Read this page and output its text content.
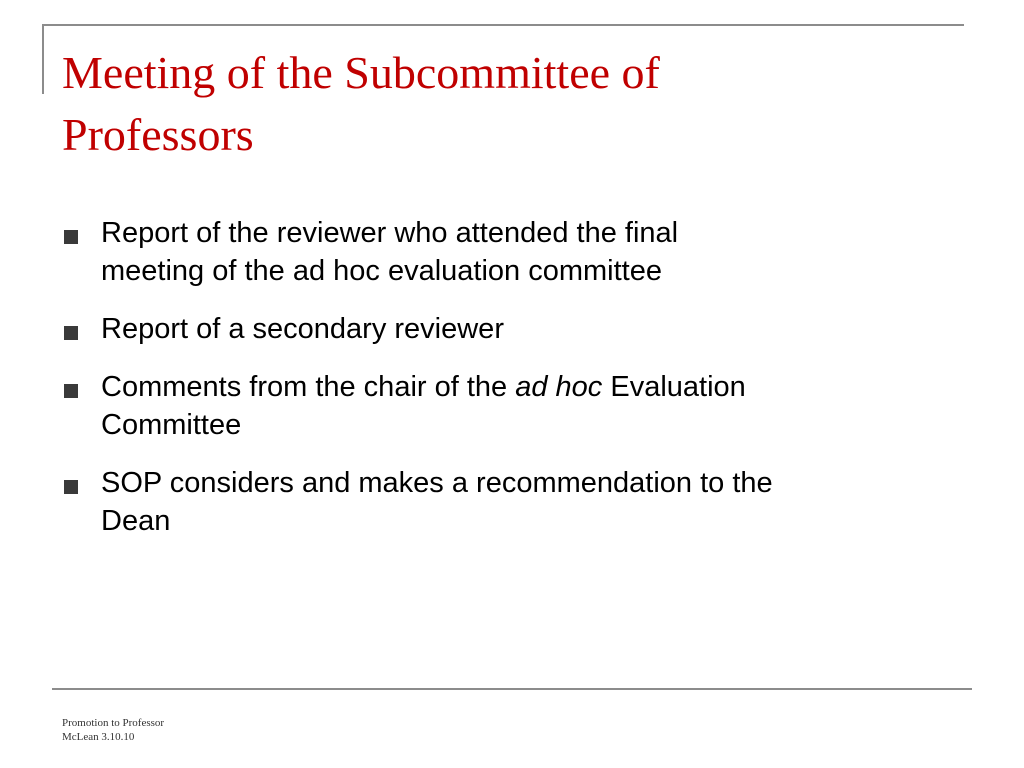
Meeting of the Subcommittee of
Professors
Report of the reviewer who attended the final
meeting of the ad hoc evaluation committee
Report of a secondary reviewer
Comments from the chair of the ad hoc Evaluation
Committee
SOP considers and makes a recommendation to the
Dean
Promotion to Professor
McLean 3.10.10
